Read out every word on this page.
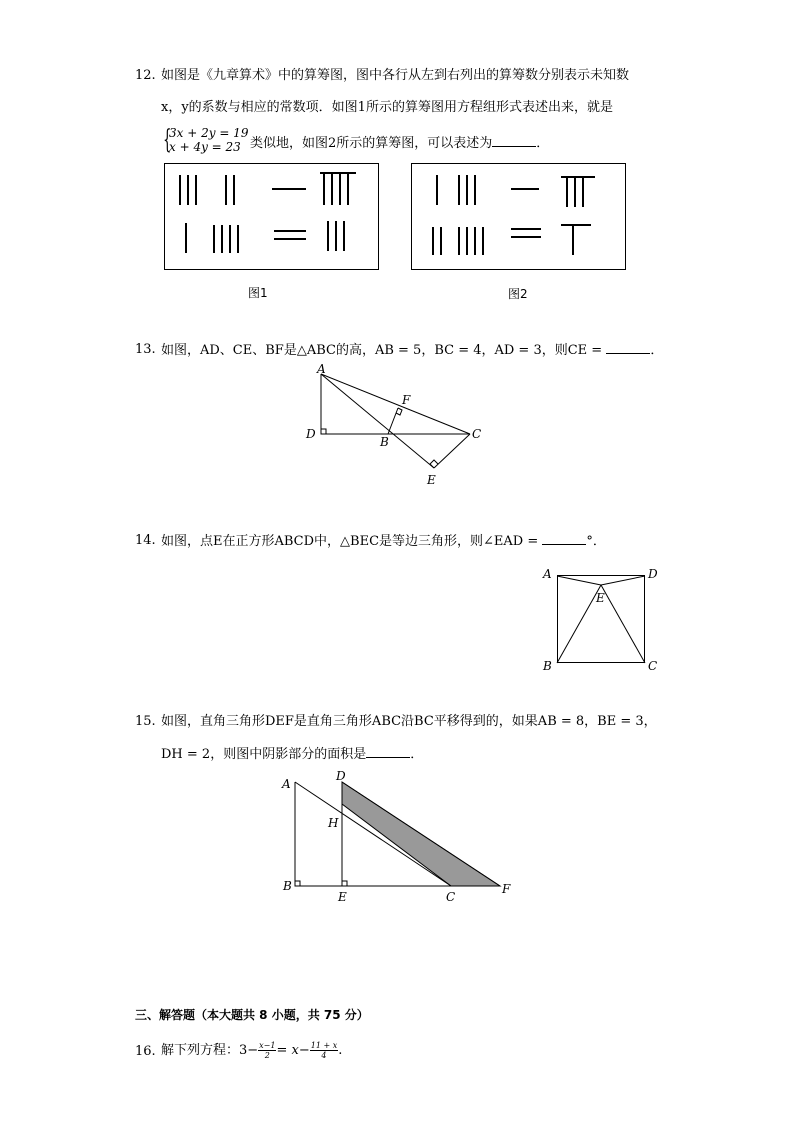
12. 如图是《九章算术》中的算筹图，图中各行从左到右列出的算筹数分别表示未知数
x，y的系数与相应的常数项．如图1所示的算筹图用方程组形式表述出来，就是
{
3x + 2y = 19
x + 4y = 23 类似地，如图2所示的算筹图，可以表述为	．
图1	图2
13. 如图，AD、CE、BF是△ABC的高，AB = 5，BC = 4，AD = 3，则CE =	．
A
F
D
B
C
E
14. 如图，点E在正方形ABCD中，△BEC是等边三角形，则∠EAD =	°．
A	D
E
B	C
15. 如图，直角三角形DEF是直角三角形ABC沿BC平移得到的，如果AB = 8，BE = 3，
DH = 2，则图中阴影部分的面积是	．
A
D
H
B
E	C
F
三、解答题（本大题共 8 小题，共 75 分）
16. 解下列方程：$3- \frac{x-1}{2} = x- \frac{11 + x}{4}$ .
